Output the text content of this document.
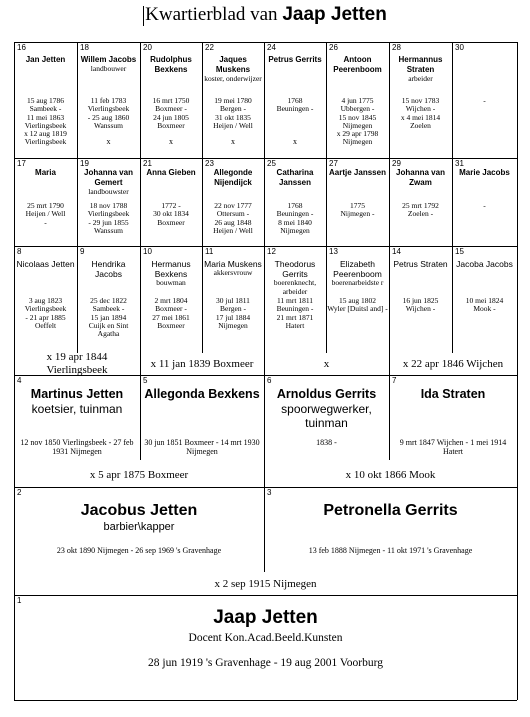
Kwartierblad van Jaap Jetten
16
Jan Jetten
15 aug 1786
Sambeek -
11 mei 1863
Vierlingsbeek
x 12 aug 1819
Vierlingsbeek
18
Willem Jacobs
landbouwer
11 feb 1783
Vierlingsbeek
- 25 aug 1860
Wanssum
x
20
Rudolphus Bexkens
16 mrt 1750
Boxmeer -
24 jun 1805
Boxmeer
x
22
Jaques Muskens
koster, onderwijzer
19 mei 1780
Bergen -
31 okt 1835
Heijen / Well
x
24
Petrus Gerrits
1768
Beuningen -
x
26
Antoon Peerenboom
4 jun 1775
Ubbergen -
15 nov 1845
Nijmegen
x 29 apr 1798
Nijmegen
28
Hermannus Straten
arbeider
15 nov 1783
Wijchen -
x 4 mei 1814
Zoelen
30
-
17
Maria
25 mrt 1790
Heijen / Well
-
19
Johanna van Gemert
landbouwster
18 nov 1788
Vierlingsbeek
- 29 jun 1855
Wanssum
21
Anna Gieben
1772 -
30 okt 1834
Boxmeer
23
Allegonde Nijendijck
22 nov 1777
Ottersum -
26 aug 1848
Heijen / Well
25
Catharina Janssen
1768
Beuningen -
8 mei 1840
Nijmegen
27
Aartje Janssen
1775
Nijmegen -
29
Johanna van Zwam
25 mrt 1792
Zoelen -
31
Marie Jacobs
-
8
Nicolaas Jetten
3 aug 1823
Vierlingsbeek
- 21 apr 1885
Oeffelt
9
Hendrika Jacobs
25 dec 1822
Sambeek -
15 jan 1894
Cuijk en Sint
Agatha
10
Hermanus Bexkens
bouwman
2 mrt 1804
Boxmeer -
27 mei 1861
Boxmeer
11
Maria Muskens
akkersvrouw
30 jul 1811
Bergen -
17 jul 1884
Nijmegen
12
Theodorus Gerrits
boerenknecht, arbeider
11 mrt 1811
Beuningen -
21 mrt 1871
Hatert
13
Elizabeth Peerenboom
boerenarbeidste r
15 aug 1802
Wyler [Duitsl and] -
14
Petrus Straten
16 jun 1825
Wijchen -
15
Jacoba Jacobs
10 mei 1824
Mook -
x 19 apr 1844 Vierlingsbeek	x 11 jan 1839 Boxmeer	x	x 22 apr 1846 Wijchen
4
Martinus Jetten
koetsier, tuinman
12 nov 1850 Vierlingsbeek - 27 feb 1931 Nijmegen
5
Allegonda Bexkens
30 jun 1851 Boxmeer - 14 mrt 1930 Nijmegen
6
Arnoldus Gerrits
spoorwegwerker, tuinman
1838 -
7
Ida Straten
9 mrt 1847 Wijchen - 1 mei 1914 Hatert
x 5 apr 1875 Boxmeer	x 10 okt 1866 Mook
2
Jacobus Jetten
barbier\kapper
23 okt 1890 Nijmegen - 26 sep 1969 's Gravenhage
3
Petronella Gerrits
13 feb 1888 Nijmegen - 11 okt 1971 's Gravenhage
x 2 sep 1915 Nijmegen
1
Jaap Jetten
Docent Kon.Acad.Beeld.Kunsten
28 jun 1919 's Gravenhage - 19 aug 2001 Voorburg
